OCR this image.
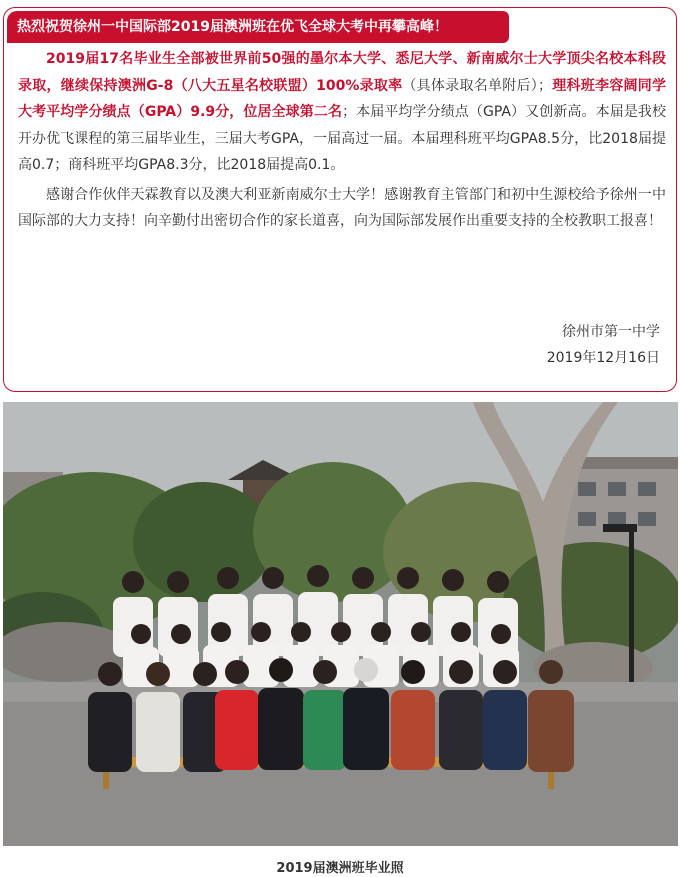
热烈祝贺徐州一中国际部2019届澳洲班在优飞全球大考中再攀高峰！

2019届17名毕业生全部被世界前50强的墨尔本大学、悉尼大学、新南威尔士大学顶尖名校本科段录取，继续保持澳洲G-8（八大五星名校联盟）100%录取率（具体录取名单附后）；理科班李容阔同学大考平均学分绩点（GPA）9.9分，位居全球第二名；本届平均学分绩点（GPA）又创新高。本届是我校开办优飞课程的第三届毕业生，三届大考GPA，一届高过一届。本届理科班平均GPA8.5分，比2018届提高0.7；商科班平均GPA8.3分，比2018届提高0.1。

感谢合作伙伴天霖教育以及澳大利亚新南威尔士大学！感谢教育主管部门和初中生源校给予徐州一中国际部的大力支持！向辛勤付出密切合作的家长道喜，向为国际部发展作出重要支持的全校教职工报喜！

徐州市第一中学
2019年12月16日
2019届澳洲班毕业照
